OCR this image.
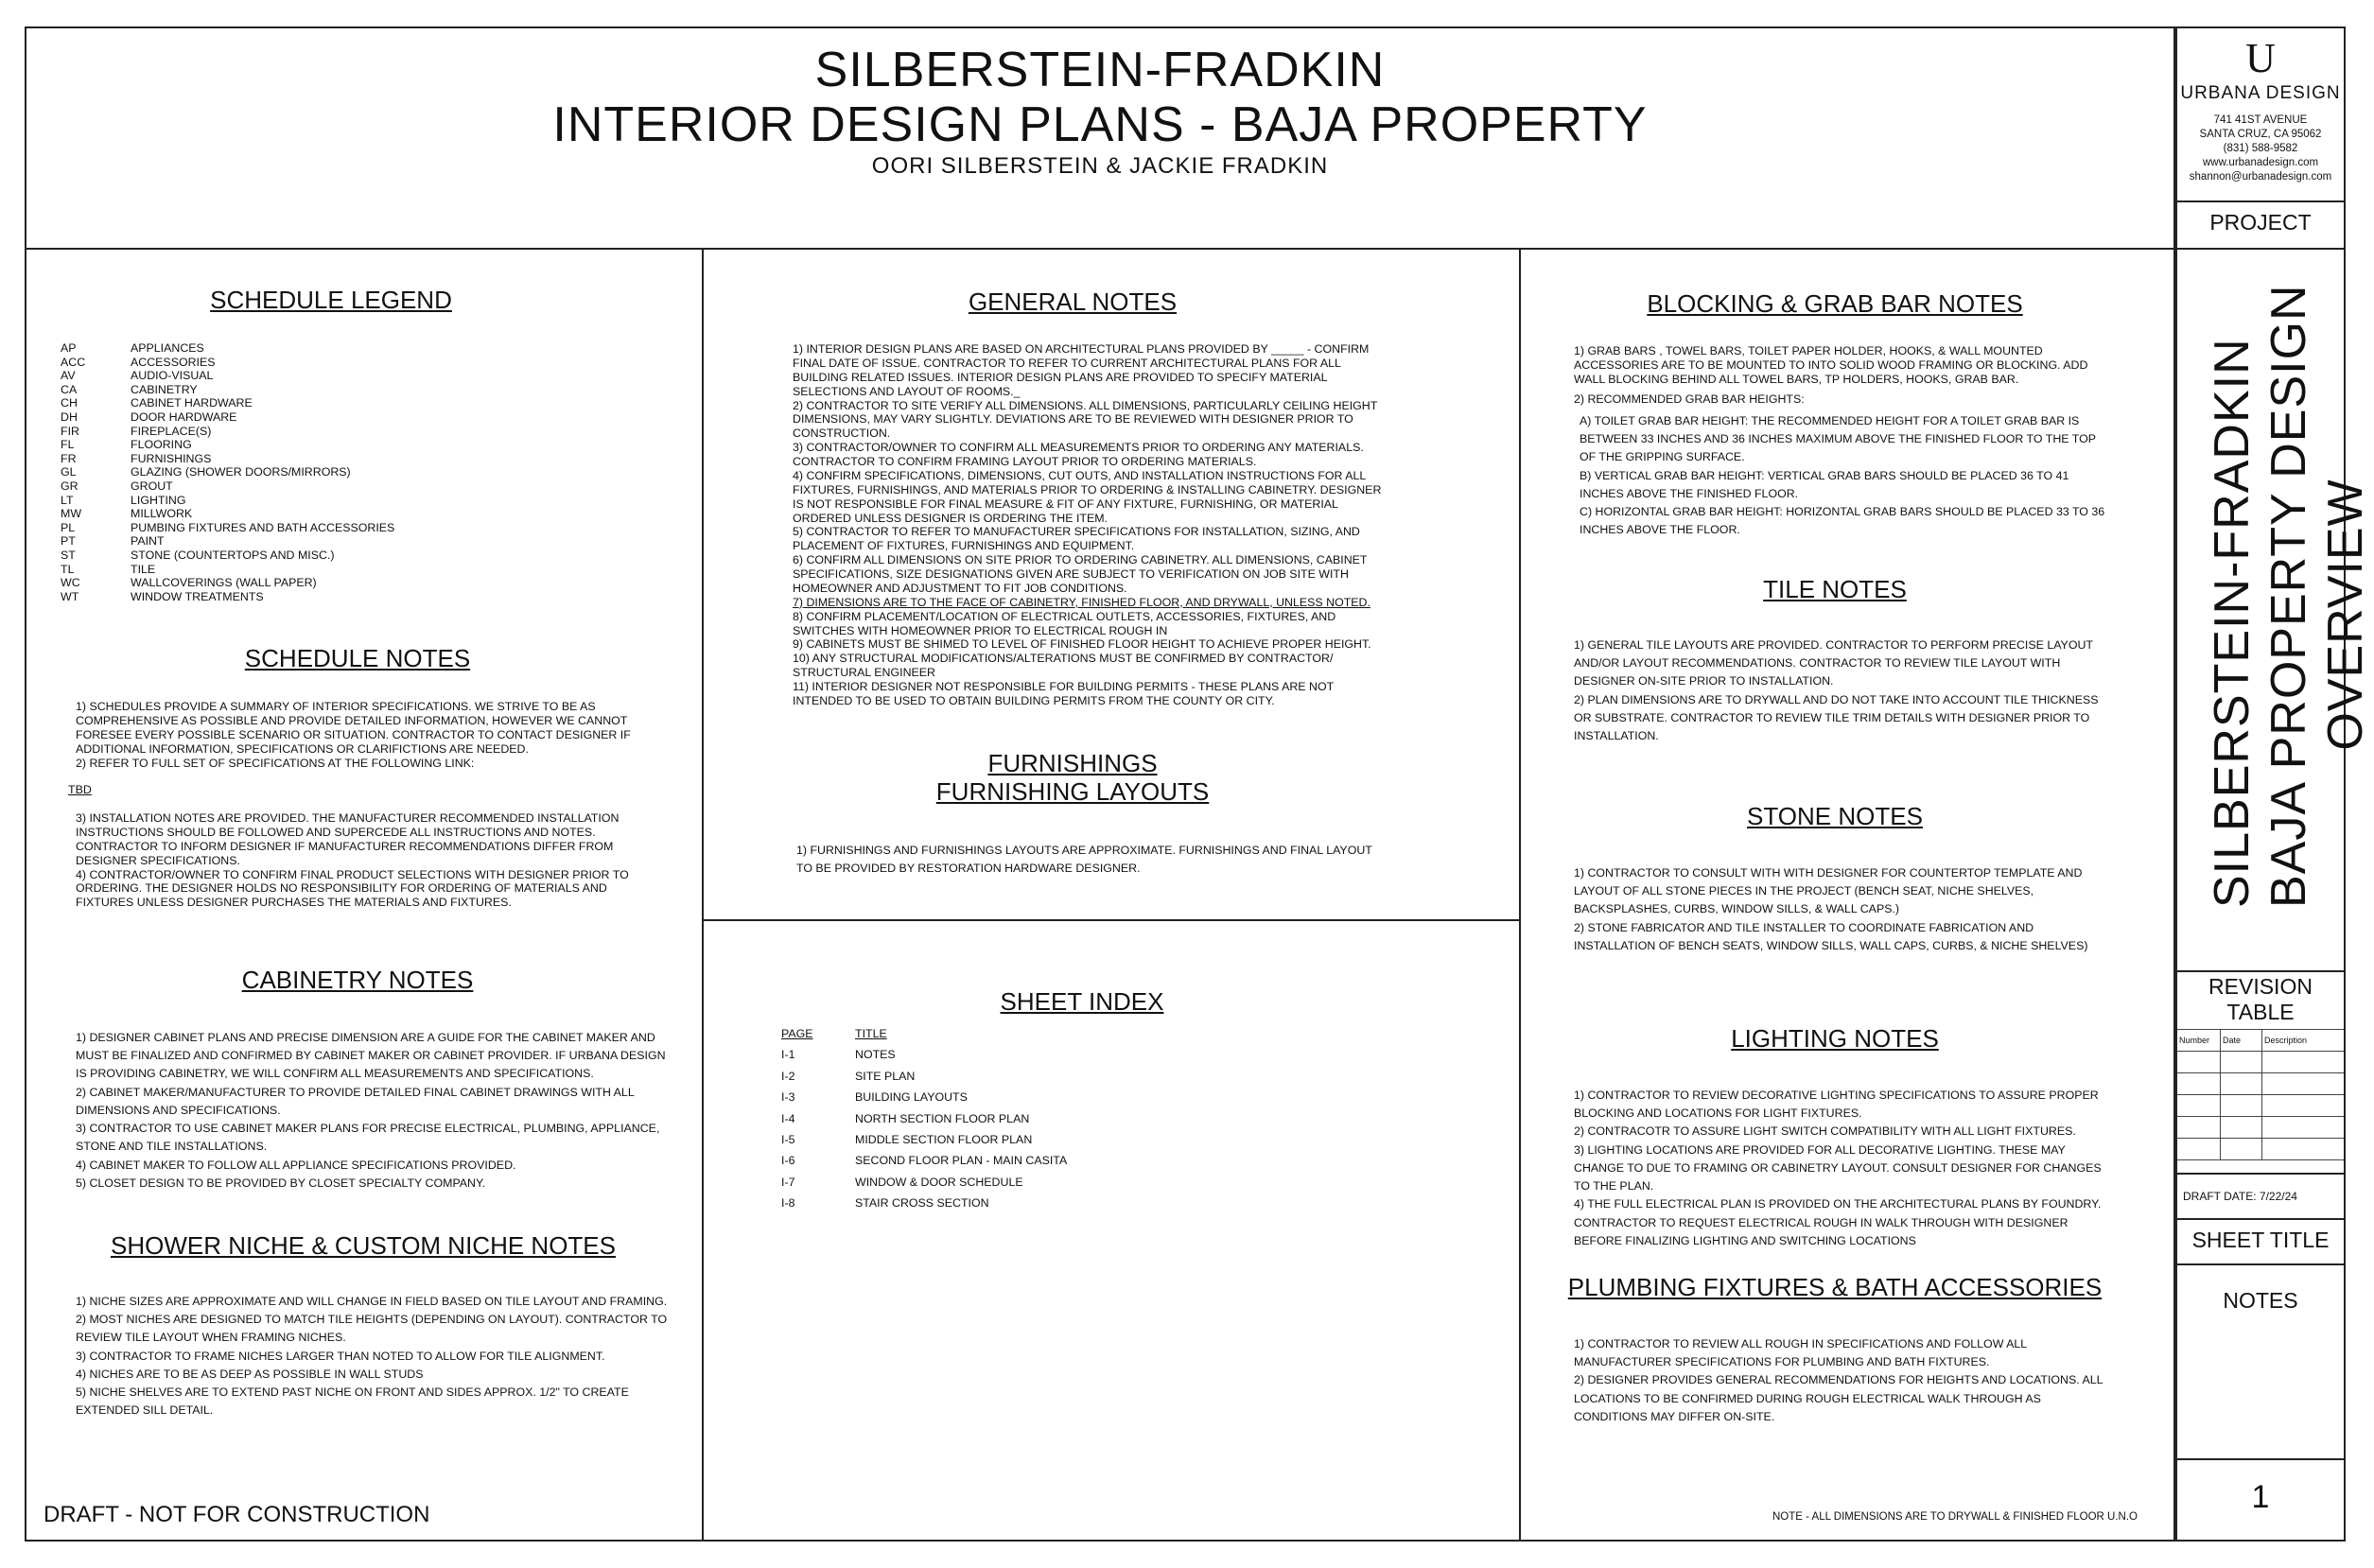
SILBERSTEIN-FRADKIN
INTERIOR DESIGN PLANS - BAJA PROPERTY
OORI SILBERSTEIN & JACKIE FRADKIN
U
URBANA DESIGN
741 41ST AVENUE
SANTA CRUZ, CA 95062
(831) 588-9582
www.urbanadesign.com
shannon@urbanadesign.com
PROJECT
SILBERSTEIN-FRADKIN BAJA PROPERTY DESIGN OVERVIEW
REVISION
TABLE
Number	Date	Description
DRAFT DATE: 7/22/24
SHEET TITLE
NOTES
1
SCHEDULE LEGEND
AP	APPLIANCES
ACC	ACCESSORIES
AV	AUDIO-VISUAL
CA	CABINETRY
CH	CABINET HARDWARE
DH	DOOR HARDWARE
FIR	FIREPLACE(S)
FL	FLOORING
FR	FURNISHINGS
GL	GLAZING (SHOWER DOORS/MIRRORS)
GR	GROUT
LT	LIGHTING
MW	MILLWORK
PL	PUMBING FIXTURES AND BATH ACCESSORIES
PT	PAINT
ST	STONE (COUNTERTOPS AND MISC.)
TL	TILE
WC	WALLCOVERINGS (WALL PAPER)
WT	WINDOW TREATMENTS
SCHEDULE NOTES
1) SCHEDULES PROVIDE A SUMMARY OF INTERIOR SPECIFICATIONS. WE STRIVE TO BE AS COMPREHENSIVE AS POSSIBLE AND PROVIDE DETAILED INFORMATION, HOWEVER WE CANNOT FORESEE EVERY POSSIBLE SCENARIO OR SITUATION. CONTRACTOR TO CONTACT DESIGNER IF ADDITIONAL INFORMATION, SPECIFICATIONS OR CLARIFICTIONS ARE NEEDED.
2) REFER TO FULL SET OF SPECIFICATIONS AT THE FOLLOWING LINK:
TBD
3) INSTALLATION NOTES ARE PROVIDED. THE MANUFACTURER RECOMMENDED INSTALLATION INSTRUCTIONS SHOULD BE FOLLOWED AND SUPERCEDE ALL INSTRUCTIONS AND NOTES. CONTRACTOR TO INFORM DESIGNER IF MANUFACTURER RECOMMENDATIONS DIFFER FROM DESIGNER SPECIFICATIONS.
4) CONTRACTOR/OWNER TO CONFIRM FINAL PRODUCT SELECTIONS WITH DESIGNER PRIOR TO ORDERING. THE DESIGNER HOLDS NO RESPONSIBILITY FOR ORDERING OF MATERIALS AND FIXTURES UNLESS DESIGNER PURCHASES THE MATERIALS AND FIXTURES.
CABINETRY NOTES
1) DESIGNER CABINET PLANS AND PRECISE DIMENSION ARE A GUIDE FOR THE CABINET MAKER AND MUST BE FINALIZED AND CONFIRMED BY CABINET MAKER OR CABINET PROVIDER. IF URBANA DESIGN IS PROVIDING CABINETRY, WE WILL CONFIRM ALL MEASUREMENTS AND SPECIFICATIONS.
2) CABINET MAKER/MANUFACTURER TO PROVIDE DETAILED FINAL CABINET DRAWINGS WITH ALL DIMENSIONS AND SPECIFICATIONS.
3) CONTRACTOR TO USE CABINET MAKER PLANS FOR PRECISE ELECTRICAL, PLUMBING, APPLIANCE, STONE AND TILE INSTALLATIONS.
4) CABINET MAKER TO FOLLOW ALL APPLIANCE SPECIFICATIONS PROVIDED.
5) CLOSET DESIGN TO BE PROVIDED BY CLOSET SPECIALTY COMPANY.
SHOWER NICHE & CUSTOM NICHE NOTES
1) NICHE SIZES ARE APPROXIMATE AND WILL CHANGE IN FIELD BASED ON TILE LAYOUT AND FRAMING.
2) MOST NICHES ARE DESIGNED TO MATCH TILE HEIGHTS (DEPENDING ON LAYOUT). CONTRACTOR TO REVIEW TILE LAYOUT WHEN FRAMING NICHES.
3) CONTRACTOR TO FRAME NICHES LARGER THAN NOTED TO ALLOW FOR TILE ALIGNMENT.
4) NICHES ARE TO BE AS DEEP AS POSSIBLE IN WALL STUDS
5) NICHE SHELVES ARE TO EXTEND PAST NICHE ON FRONT AND SIDES APPROX. 1/2" TO CREATE EXTENDED SILL DETAIL.
DRAFT - NOT FOR CONSTRUCTION
GENERAL NOTES
1) INTERIOR DESIGN PLANS ARE BASED ON ARCHITECTURAL PLANS PROVIDED BY _____ - CONFIRM FINAL DATE OF ISSUE. CONTRACTOR TO REFER TO CURRENT ARCHITECTURAL PLANS FOR ALL BUILDING RELATED ISSUES. INTERIOR DESIGN PLANS ARE PROVIDED TO SPECIFY MATERIAL SELECTIONS AND LAYOUT OF ROOMS._
2) CONTRACTOR TO SITE VERIFY ALL DIMENSIONS. ALL DIMENSIONS, PARTICULARLY CEILING HEIGHT DIMENSIONS, MAY VARY SLIGHTLY. DEVIATIONS ARE TO BE REVIEWED WITH DESIGNER PRIOR TO CONSTRUCTION.
3) CONTRACTOR/OWNER TO CONFIRM ALL MEASUREMENTS PRIOR TO ORDERING ANY MATERIALS. CONTRACTOR TO CONFIRM FRAMING LAYOUT PRIOR TO ORDERING MATERIALS.
4) CONFIRM SPECIFICATIONS, DIMENSIONS, CUT OUTS, AND INSTALLATION INSTRUCTIONS FOR ALL FIXTURES, FURNISHINGS, AND MATERIALS PRIOR TO ORDERING & INSTALLING CABINETRY. DESIGNER IS NOT RESPONSIBLE FOR FINAL MEASURE & FIT OF ANY FIXTURE, FURNISHING, OR MATERIAL ORDERED UNLESS DESIGNER IS ORDERING THE ITEM.
5) CONTRACTOR TO REFER TO MANUFACTURER SPECIFICATIONS FOR INSTALLATION, SIZING, AND PLACEMENT OF FIXTURES, FURNISHINGS AND EQUIPMENT.
6) CONFIRM ALL DIMENSIONS ON SITE PRIOR TO ORDERING CABINETRY. ALL DIMENSIONS, CABINET SPECIFICATIONS, SIZE DESIGNATIONS GIVEN ARE SUBJECT TO VERIFICATION ON JOB SITE WITH HOMEOWNER AND ADJUSTMENT TO FIT JOB CONDITIONS.
7) DIMENSIONS ARE TO THE FACE OF CABINETRY, FINISHED FLOOR, AND DRYWALL, UNLESS NOTED.
8) CONFIRM PLACEMENT/LOCATION OF ELECTRICAL OUTLETS, ACCESSORIES, FIXTURES, AND SWITCHES WITH HOMEOWNER PRIOR TO ELECTRICAL ROUGH IN
9) CABINETS MUST BE SHIMED TO LEVEL OF FINISHED FLOOR HEIGHT TO ACHIEVE PROPER HEIGHT.
10) ANY STRUCTURAL MODIFICATIONS/ALTERATIONS MUST BE CONFIRMED BY CONTRACTOR/ STRUCTURAL ENGINEER
11) INTERIOR DESIGNER NOT RESPONSIBLE FOR BUILDING PERMITS - THESE PLANS ARE NOT INTENDED TO BE USED TO OBTAIN BUILDING PERMITS FROM THE COUNTY OR CITY.
FURNISHINGS
FURNISHING LAYOUTS
1) FURNISHINGS AND FURNISHINGS LAYOUTS ARE APPROXIMATE. FURNISHINGS AND FINAL LAYOUT TO BE PROVIDED BY RESTORATION HARDWARE DESIGNER.
SHEET INDEX
PAGE	TITLE
I-1	NOTES
I-2	SITE PLAN
I-3	BUILDING LAYOUTS
I-4	NORTH SECTION FLOOR PLAN
I-5	MIDDLE SECTION FLOOR PLAN
I-6	SECOND FLOOR PLAN - MAIN CASITA
I-7	WINDOW & DOOR SCHEDULE
I-8	STAIR CROSS SECTION
BLOCKING & GRAB BAR NOTES
1) GRAB BARS , TOWEL BARS, TOILET PAPER HOLDER, HOOKS, & WALL MOUNTED ACCESSORIES ARE TO BE MOUNTED TO INTO SOLID WOOD FRAMING OR BLOCKING. ADD WALL BLOCKING BEHIND ALL TOWEL BARS, TP HOLDERS, HOOKS, GRAB BAR.
2) RECOMMENDED GRAB BAR HEIGHTS:
A) TOILET GRAB BAR HEIGHT: THE RECOMMENDED HEIGHT FOR A TOILET GRAB BAR IS BETWEEN 33 INCHES AND 36 INCHES MAXIMUM ABOVE THE FINISHED FLOOR TO THE TOP OF THE GRIPPING SURFACE.
B) VERTICAL GRAB BAR HEIGHT: VERTICAL GRAB BARS SHOULD BE PLACED 36 TO 41 INCHES ABOVE THE FINISHED FLOOR.
C) HORIZONTAL GRAB BAR HEIGHT: HORIZONTAL GRAB BARS SHOULD BE PLACED 33 TO 36 INCHES ABOVE THE FLOOR.
TILE NOTES
1) GENERAL TILE LAYOUTS ARE PROVIDED. CONTRACTOR TO PERFORM PRECISE LAYOUT AND/OR LAYOUT RECOMMENDATIONS. CONTRACTOR TO REVIEW TILE LAYOUT WITH DESIGNER ON-SITE PRIOR TO INSTALLATION.
2) PLAN DIMENSIONS ARE TO DRYWALL AND DO NOT TAKE INTO ACCOUNT TILE THICKNESS OR SUBSTRATE. CONTRACTOR TO REVIEW TILE TRIM DETAILS WITH DESIGNER PRIOR TO INSTALLATION.
STONE NOTES
1) CONTRACTOR TO CONSULT WITH WITH DESIGNER FOR COUNTERTOP TEMPLATE AND LAYOUT OF ALL STONE PIECES IN THE PROJECT (BENCH SEAT, NICHE SHELVES, BACKSPLASHES, CURBS, WINDOW SILLS, & WALL CAPS.)
2) STONE FABRICATOR AND TILE INSTALLER TO COORDINATE FABRICATION AND INSTALLATION OF BENCH SEATS, WINDOW SILLS, WALL CAPS, CURBS, & NICHE SHELVES)
LIGHTING NOTES
1) CONTRACTOR TO REVIEW DECORATIVE LIGHTING SPECIFICATIONS TO ASSURE PROPER BLOCKING AND LOCATIONS FOR LIGHT FIXTURES.
2) CONTRACOTR TO ASSURE LIGHT SWITCH COMPATIBILITY WITH ALL LIGHT FIXTURES.
3) LIGHTING LOCATIONS ARE PROVIDED FOR ALL DECORATIVE LIGHTING. THESE MAY CHANGE TO DUE TO FRAMING OR CABINETRY LAYOUT. CONSULT DESIGNER FOR CHANGES TO THE PLAN.
4) THE FULL ELECTRICAL PLAN IS PROVIDED ON THE ARCHITECTURAL PLANS BY FOUNDRY. CONTRACTOR TO REQUEST ELECTRICAL ROUGH IN WALK THROUGH WITH DESIGNER BEFORE FINALIZING LIGHTING AND SWITCHING LOCATIONS
PLUMBING FIXTURES & BATH ACCESSORIES
1) CONTRACTOR TO REVIEW ALL ROUGH IN SPECIFICATIONS AND FOLLOW ALL MANUFACTURER SPECIFICATIONS FOR PLUMBING AND BATH FIXTURES.
2) DESIGNER PROVIDES GENERAL RECOMMENDATIONS FOR HEIGHTS AND LOCATIONS. ALL LOCATIONS TO BE CONFIRMED DURING ROUGH ELECTRICAL WALK THROUGH AS CONDITIONS MAY DIFFER ON-SITE.
NOTE - ALL DIMENSIONS ARE TO DRYWALL & FINISHED FLOOR U.N.O
